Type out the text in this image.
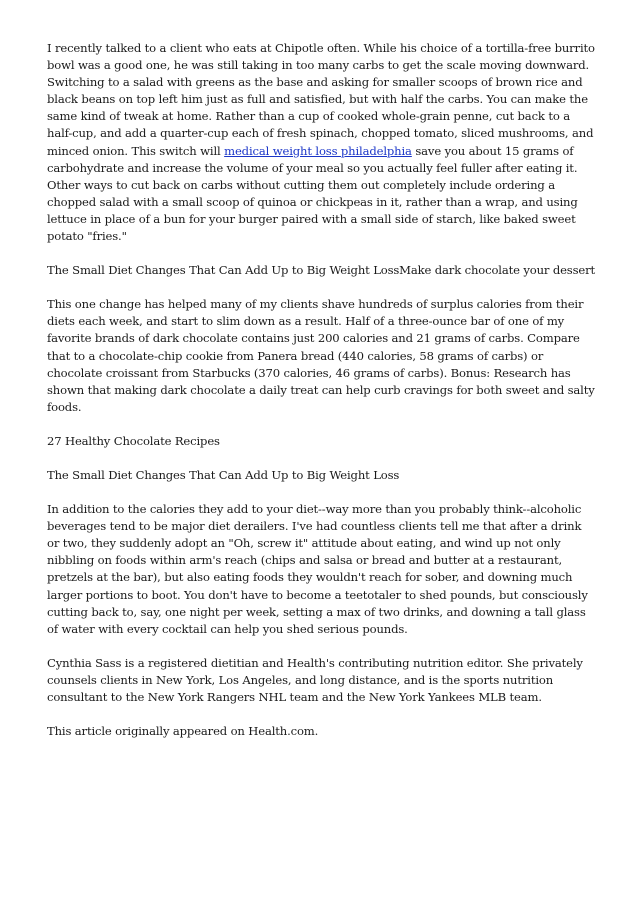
I recently talked to a client who eats at Chipotle often. While his choice of a tortilla-free burrito bowl was a good one, he was still taking in too many carbs to get the scale moving downward. Switching to a salad with greens as the base and asking for smaller scoops of brown rice and black beans on top left him just as full and satisfied, but with half the carbs. You can make the same kind of tweak at home. Rather than a cup of cooked whole-grain penne, cut back to a half-cup, and add a quarter-cup each of fresh spinach, chopped tomato, sliced mushrooms, and minced onion. This switch will medical weight loss philadelphia save you about 15 grams of carbohydrate and increase the volume of your meal so you actually feel fuller after eating it. Other ways to cut back on carbs without cutting them out completely include ordering a chopped salad with a small scoop of quinoa or chickpeas in it, rather than a wrap, and using lettuce in place of a bun for your burger paired with a small side of starch, like baked sweet potato "fries."

The Small Diet Changes That Can Add Up to Big Weight LossMake dark chocolate your dessert

This one change has helped many of my clients shave hundreds of surplus calories from their diets each week, and start to slim down as a result. Half of a three-ounce bar of one of my favorite brands of dark chocolate contains just 200 calories and 21 grams of carbs. Compare that to a chocolate-chip cookie from Panera bread (440 calories, 58 grams of carbs) or chocolate croissant from Starbucks (370 calories, 46 grams of carbs). Bonus: Research has shown that making dark chocolate a daily treat can help curb cravings for both sweet and salty foods.

27 Healthy Chocolate Recipes

The Small Diet Changes That Can Add Up to Big Weight Loss

In addition to the calories they add to your diet--way more than you probably think--alcoholic beverages tend to be major diet derailers. I've had countless clients tell me that after a drink or two, they suddenly adopt an "Oh, screw it" attitude about eating, and wind up not only nibbling on foods within arm's reach (chips and salsa or bread and butter at a restaurant, pretzels at the bar), but also eating foods they wouldn't reach for sober, and downing much larger portions to boot. You don't have to become a teetotaler to shed pounds, but consciously cutting back to, say, one night per week, setting a max of two drinks, and downing a tall glass of water with every cocktail can help you shed serious pounds.

Cynthia Sass is a registered dietitian and Health's contributing nutrition editor. She privately counsels clients in New York, Los Angeles, and long distance, and is the sports nutrition consultant to the New York Rangers NHL team and the New York Yankees MLB team.

This article originally appeared on Health.com.
